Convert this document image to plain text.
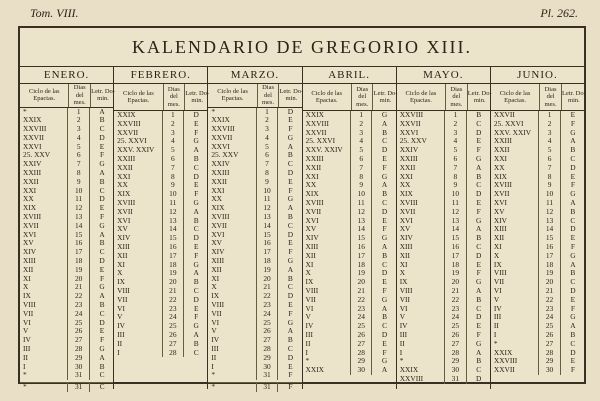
Tom. VIII.	Pl. 262.
KALENDARIO DE GREGORIO XIII.
ENERO.
Ciclo de las Epactas.
Dias del mes.
Letr. Do- min.
*	1	A
XXIX	2	B
XXVIII	3	C
XXVII	4	D
XXVI	5	E
25. XXV	6	F
XXIV	7	G
XXIII	8	A
XXII	9	B
XXI	10	C
XX	11	D
XIX	12	E
XVIII	13	F
XVII	14	G
XVI	15	A
XV	16	B
XIV	17	C
XIII	18	D
XII	19	E
XI	20	F
X	21	G
IX	22	A
VIII	23	B
VII	24	C
VI	25	D
V	26	E
IV	27	F
III	28	G
II	29	A
I	30	B
*	31	C
*	31	C
FEBRERO.
Ciclo de las Epactas.
Dias del mes.
Letr. Do- min.
XXIX	1	D
XXVIII	2	E
XXVII	3	F
25. XXVI	4	G
XXV. XXIV	5	A
XXIII	6	B
XXII	7	C
XXI	8	D
XX	9	E
XIX	10	F
XVIII	11	G
XVII	12	A
XVI	13	B
XV	14	C
XIV	15	D
XIII	16	E
XII	17	F
XI	18	G
X	19	A
IX	20	B
VIII	21	C
VII	22	D
VI	23	E
V	24	F
IV	25	G
III	26	A
II	27	B
I	28	C
MARZO.
Ciclo de las Epactas.
Dias del mes.
Letr. Do- min.
*	1	D
XXIX	2	E
XXVIII	3	F
XXVII	4	G
XXVI	5	A
25. XXV	6	B
XXIV	7	C
XXIII	8	D
XXII	9	E
XXI	10	F
XX	11	G
XIX	12	A
XVIII	13	B
XVII	14	C
XVI	15	D
XV	16	E
XIV	17	F
XIII	18	G
XII	19	A
XI	20	B
X	21	C
IX	22	D
VIII	23	E
VII	24	F
VI	25	G
V	26	A
IV	27	B
III	28	C
II	29	D
I	30	E
*	31	F
*	31	F
ABRIL.
Ciclo de las Epactas.
Dias del mes.
Letr. Do- min.
XXIX	1	G
XXVIII	2	A
XXVII	3	B
25. XXVI	4	C
XXV. XXIV	5	D
XXIII	6	E
XXII	7	F
XXI	8	G
XX	9	A
XIX	10	B
XVIII	11	C
XVII	12	D
XVI	13	E
XV	14	F
XIV	15	G
XIII	16	A
XII	17	B
XI	18	C
X	19	D
IX	20	E
VIII	21	F
VII	22	G
VI	23	A
V	24	B
IV	25	C
III	26	D
II	27	E
I	28	F
*	29	G
XXIX	30	A
MAYO.
Ciclo de las Epactas.
Dias del mes.
Letr. Do- min.
XXVIII	1	B
XXVII	2	C
XXVI	3	D
25. XXV	4	E
XXIV	5	F
XXIII	6	G
XXII	7	A
XXI	8	B
XX	9	C
XIX	10	D
XVIII	11	E
XVII	12	F
XVI	13	G
XV	14	A
XIV	15	B
XIII	16	C
XII	17	D
XI	18	E
X	19	F
IX	20	G
VIII	21	A
VII	22	B
VI	23	C
V	24	D
IV	25	E
III	26	F
II	27	G
I	28	A
*	29	B
XXIX	30	C
XXVIII	31	D
JUNIO.
Ciclo de las Epactas.
Dias del mes.
Letr. Do- min.
XXVII	1	E
25. XXVI	2	F
XXV. XXIV	3	G
XXIII	4	A
XXII	5	B
XXI	6	C
XX	7	D
XIX	8	E
XVIII	9	F
XVII	10	G
XVI	11	A
XV	12	B
XIV	13	C
XIII	14	D
XII	15	E
XI	16	F
X	17	G
IX	18	A
VIII	19	B
VII	20	C
VI	21	D
V	22	E
IV	23	F
III	24	G
II	25	A
I	26	B
*	27	C
XXIX	28	D
XXVIII	29	E
XXVII	30	F
